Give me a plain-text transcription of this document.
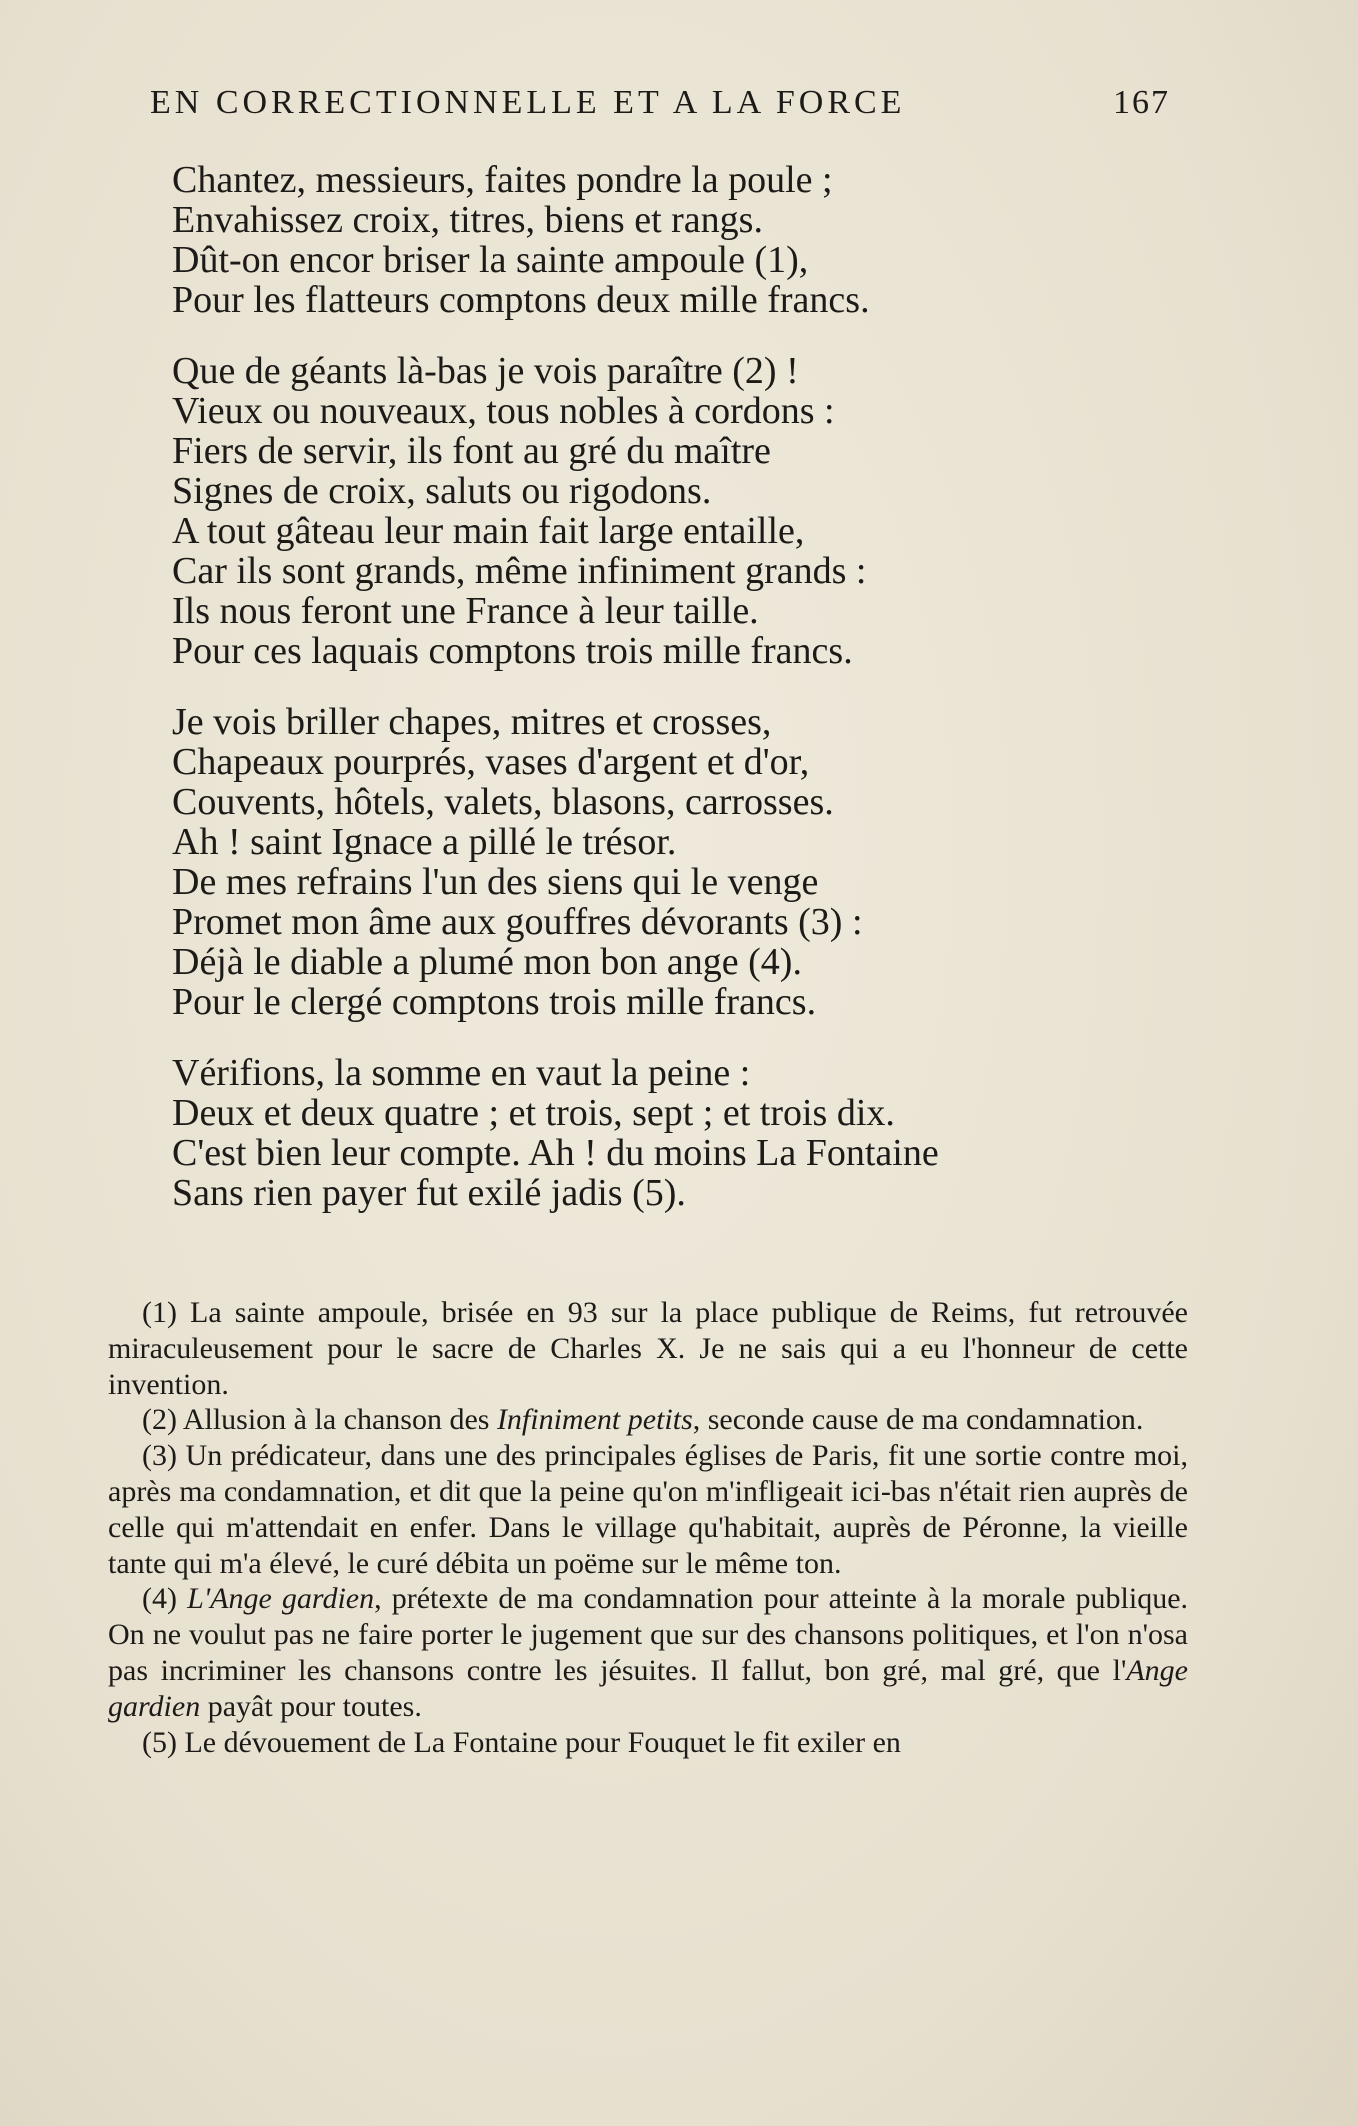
EN CORRECTIONNELLE ET A LA FORCE	167
Chantez, messieurs, faites pondre la poule ;
Envahissez croix, titres, biens et rangs.
Dût-on encor briser la sainte ampoule (1),
Pour les flatteurs comptons deux mille francs.
Que de géants là-bas je vois paraître (2) !
Vieux ou nouveaux, tous nobles à cordons :
Fiers de servir, ils font au gré du maître
Signes de croix, saluts ou rigodons.
A tout gâteau leur main fait large entaille,
Car ils sont grands, même infiniment grands :
Ils nous feront une France à leur taille.
Pour ces laquais comptons trois mille francs.
Je vois briller chapes, mitres et crosses,
Chapeaux pourprés, vases d'argent et d'or,
Couvents, hôtels, valets, blasons, carrosses.
Ah ! saint Ignace a pillé le trésor.
De mes refrains l'un des siens qui le venge
Promet mon âme aux gouffres dévorants (3) :
Déjà le diable a plumé mon bon ange (4).
Pour le clergé comptons trois mille francs.
Vérifions, la somme en vaut la peine :
Deux et deux quatre ; et trois, sept ; et trois dix.
C'est bien leur compte. Ah ! du moins La Fontaine
Sans rien payer fut exilé jadis (5).

(1) La sainte ampoule, brisée en 93 sur la place publique de Reims, fut retrouvée miraculeusement pour le sacre de Charles X. Je ne sais qui a eu l'honneur de cette invention.

(2) Allusion à la chanson des Infiniment petits, seconde cause de ma condamnation.

(3) Un prédicateur, dans une des principales églises de Paris, fit une sortie contre moi, après ma condamnation, et dit que la peine qu'on m'infligeait ici-bas n'était rien auprès de celle qui m'attendait en enfer. Dans le village qu'habitait, auprès de Péronne, la vieille tante qui m'a élevé, le curé débita un poëme sur le même ton.

(4) L'Ange gardien, prétexte de ma condamnation pour atteinte à la morale publique. On ne voulut pas ne faire porter le jugement que sur des chansons politiques, et l'on n'osa pas incriminer les chansons contre les jésuites. Il fallut, bon gré, mal gré, que l'Ange gardien payât pour toutes.

(5) Le dévouement de La Fontaine pour Fouquet le fit exiler en
